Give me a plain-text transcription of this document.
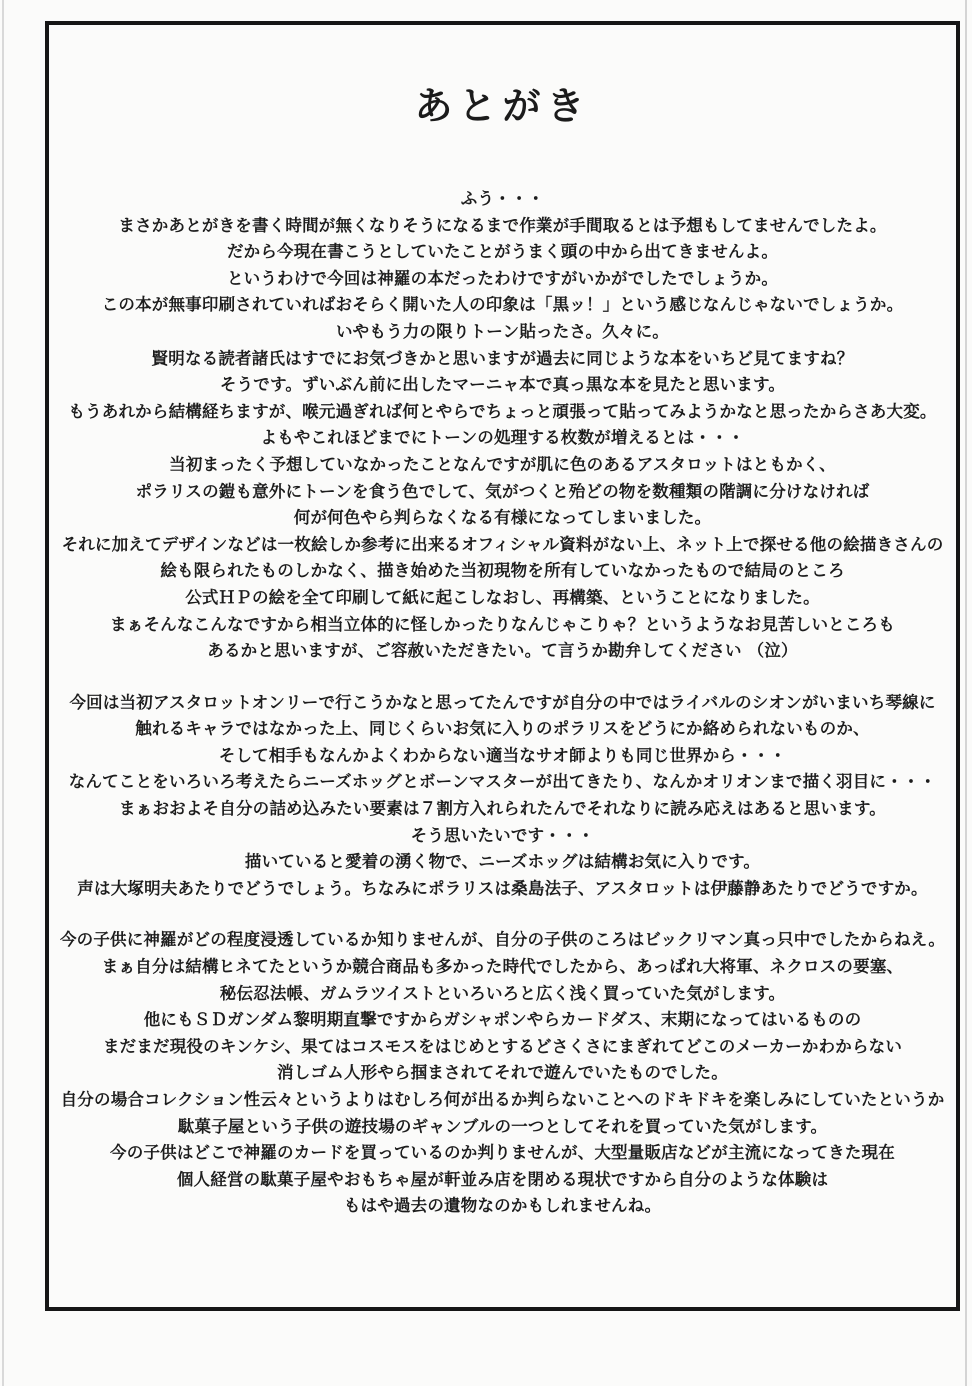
あとがき
ふう・・・
まさかあとがきを書く時間が無くなりそうになるまで作業が手間取るとは予想もしてませんでしたよ。
だから今現在書こうとしていたことがうまく頭の中から出てきませんよ。
というわけで今回は神羅の本だったわけですがいかがでしたでしょうか。
この本が無事印刷されていればおそらく開いた人の印象は「黒ッ！」という感じなんじゃないでしょうか。
いやもう力の限りトーン貼ったさ。久々に。
賢明なる読者諸氏はすでにお気づきかと思いますが過去に同じような本をいちど見てますね？
そうです。ずいぶん前に出したマーニャ本で真っ黒な本を見たと思います。
もうあれから結構経ちますが、喉元過ぎれば何とやらでちょっと頑張って貼ってみようかなと思ったからさあ大変。
よもやこれほどまでにトーンの処理する枚数が増えるとは・・・
当初まったく予想していなかったことなんですが肌に色のあるアスタロットはともかく、
ポラリスの鎧も意外にトーンを食う色でして、気がつくと殆どの物を数種類の階調に分けなければ
何が何色やら判らなくなる有様になってしまいました。
それに加えてデザインなどは一枚絵しか参考に出来るオフィシャル資料がない上、ネット上で探せる他の絵描きさんの
絵も限られたものしかなく、描き始めた当初現物を所有していなかったもので結局のところ
公式ＨＰの絵を全て印刷して紙に起こしなおし、再構築、ということになりました。
まぁそんなこんなですから相当立体的に怪しかったりなんじゃこりゃ？というようなお見苦しいところも
あるかと思いますが、ご容赦いただきたい。て言うか勘弁してください （泣）
今回は当初アスタロットオンリーで行こうかなと思ってたんですが自分の中ではライバルのシオンがいまいち琴線に
触れるキャラではなかった上、同じくらいお気に入りのポラリスをどうにか絡められないものか、
そして相手もなんかよくわからない適当なサオ師よりも同じ世界から・・・
なんてことをいろいろ考えたらニーズホッグとボーンマスターが出てきたり、なんかオリオンまで描く羽目に・・・
まぁおおよそ自分の詰め込みたい要素は７割方入れられたんでそれなりに読み応えはあると思います。
そう思いたいです・・・
描いていると愛着の湧く物で、ニーズホッグは結構お気に入りです。
声は大塚明夫あたりでどうでしょう。ちなみにポラリスは桑島法子、アスタロットは伊藤静あたりでどうですか。
今の子供に神羅がどの程度浸透しているか知りませんが、自分の子供のころはビックリマン真っ只中でしたからねえ。
まぁ自分は結構ヒネてたというか競合商品も多かった時代でしたから、あっぱれ大将軍、ネクロスの要塞、
秘伝忍法帳、ガムラツイストといろいろと広く浅く買っていた気がします。
他にもＳＤガンダム黎明期直撃ですからガシャポンやらカードダス、末期になってはいるものの
まだまだ現役のキンケシ、果てはコスモスをはじめとするどさくさにまぎれてどこのメーカーかわからない
消しゴム人形やら掴まされてそれで遊んでいたものでした。
自分の場合コレクション性云々というよりはむしろ何が出るか判らないことへのドキドキを楽しみにしていたというか
駄菓子屋という子供の遊技場のギャンブルの一つとしてそれを買っていた気がします。
今の子供はどこで神羅のカードを買っているのか判りませんが、大型量販店などが主流になってきた現在
個人経営の駄菓子屋やおもちゃ屋が軒並み店を閉める現状ですから自分のような体験は
もはや過去の遺物なのかもしれませんね。
